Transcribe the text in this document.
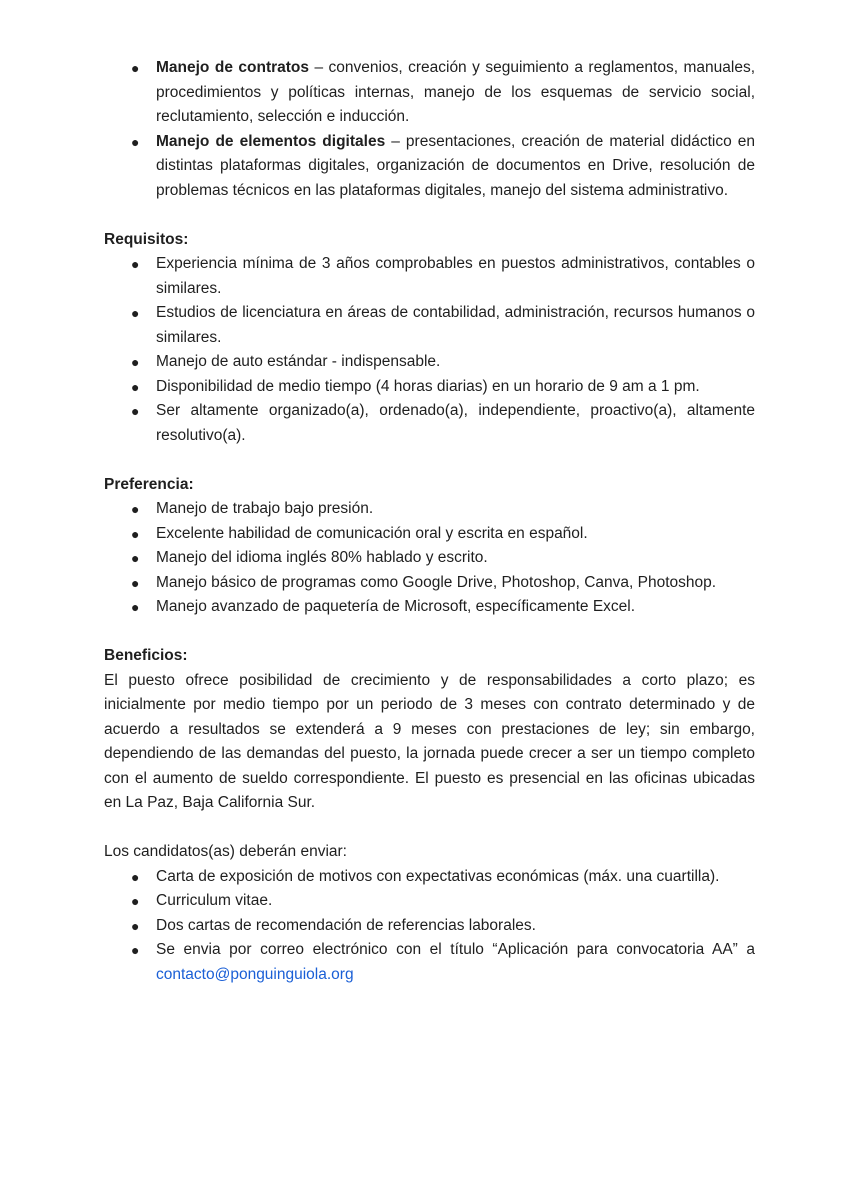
● Manejo de contratos – convenios, creación y seguimiento a reglamentos, manuales, procedimientos y políticas internas, manejo de los esquemas de servicio social, reclutamiento, selección e inducción.
● Manejo de elementos digitales – presentaciones, creación de material didáctico en distintas plataformas digitales, organización de documentos en Drive, resolución de problemas técnicos en las plataformas digitales, manejo del sistema administrativo.

Requisitos:

● Experiencia mínima de 3 años comprobables en puestos administrativos, contables o similares.
● Estudios de licenciatura en áreas de contabilidad, administración, recursos humanos o similares.
● Manejo de auto estándar - indispensable.
● Disponibilidad de medio tiempo (4 horas diarias) en un horario de 9 am a 1 pm.
● Ser altamente organizado(a), ordenado(a), independiente, proactivo(a), altamente resolutivo(a).

Preferencia:

● Manejo de trabajo bajo presión.
● Excelente habilidad de comunicación oral y escrita en español.
● Manejo del idioma inglés 80% hablado y escrito.
● Manejo básico de programas como Google Drive, Photoshop, Canva, Photoshop.
● Manejo avanzado de paquetería de Microsoft, específicamente Excel.

Beneficios:

El puesto ofrece posibilidad de crecimiento y de responsabilidades a corto plazo; es inicialmente por medio tiempo por un periodo de 3 meses con contrato determinado y de acuerdo a resultados se extenderá a 9 meses con prestaciones de ley; sin embargo, dependiendo de las demandas del puesto, la jornada puede crecer a ser un tiempo completo con el aumento de sueldo correspondiente. El puesto es presencial en las oficinas ubicadas en La Paz, Baja California Sur.

Los candidatos(as) deberán enviar:

● Carta de exposición de motivos con expectativas económicas (máx. una cuartilla).
● Curriculum vitae.
● Dos cartas de recomendación de referencias laborales.
● Se envia por correo electrónico con el título “Aplicación para convocatoria AA” a contacto@ponguinguiola.org
